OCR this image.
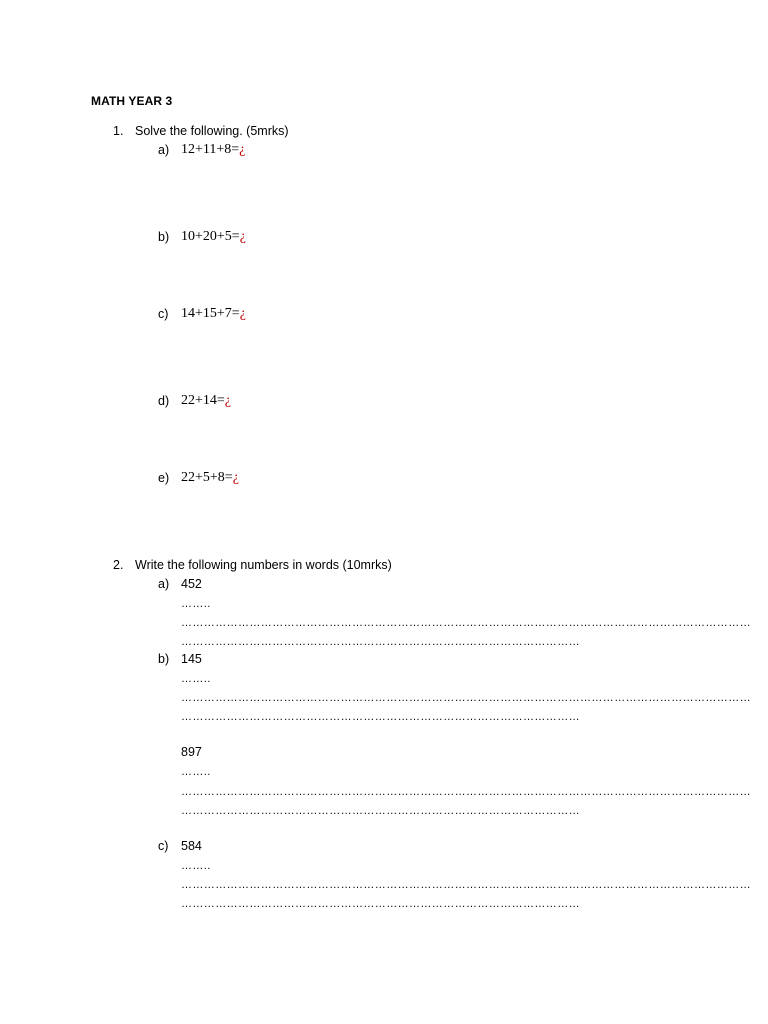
MATH YEAR 3
1. Solve the following. (5mrks)
a) 12+11+8=¿
b) 10+20+5=¿
c) 14+15+7=¿
d) 22+14=¿
e) 22+5+8=¿
2. Write the following numbers in words (10mrks)
a) 452
……..
……………………………………………………………………………………………………………………………………
……………………………………………………………………………………………
b) 145
……..
……………………………………………………………………………………………………………………………………
……………………………………………………………………………………………
897
……..
……………………………………………………………………………………………………………………………………
……………………………………………………………………………………………
c) 584
……..
……………………………………………………………………………………………………………………………………
……………………………………………………………………………………………
